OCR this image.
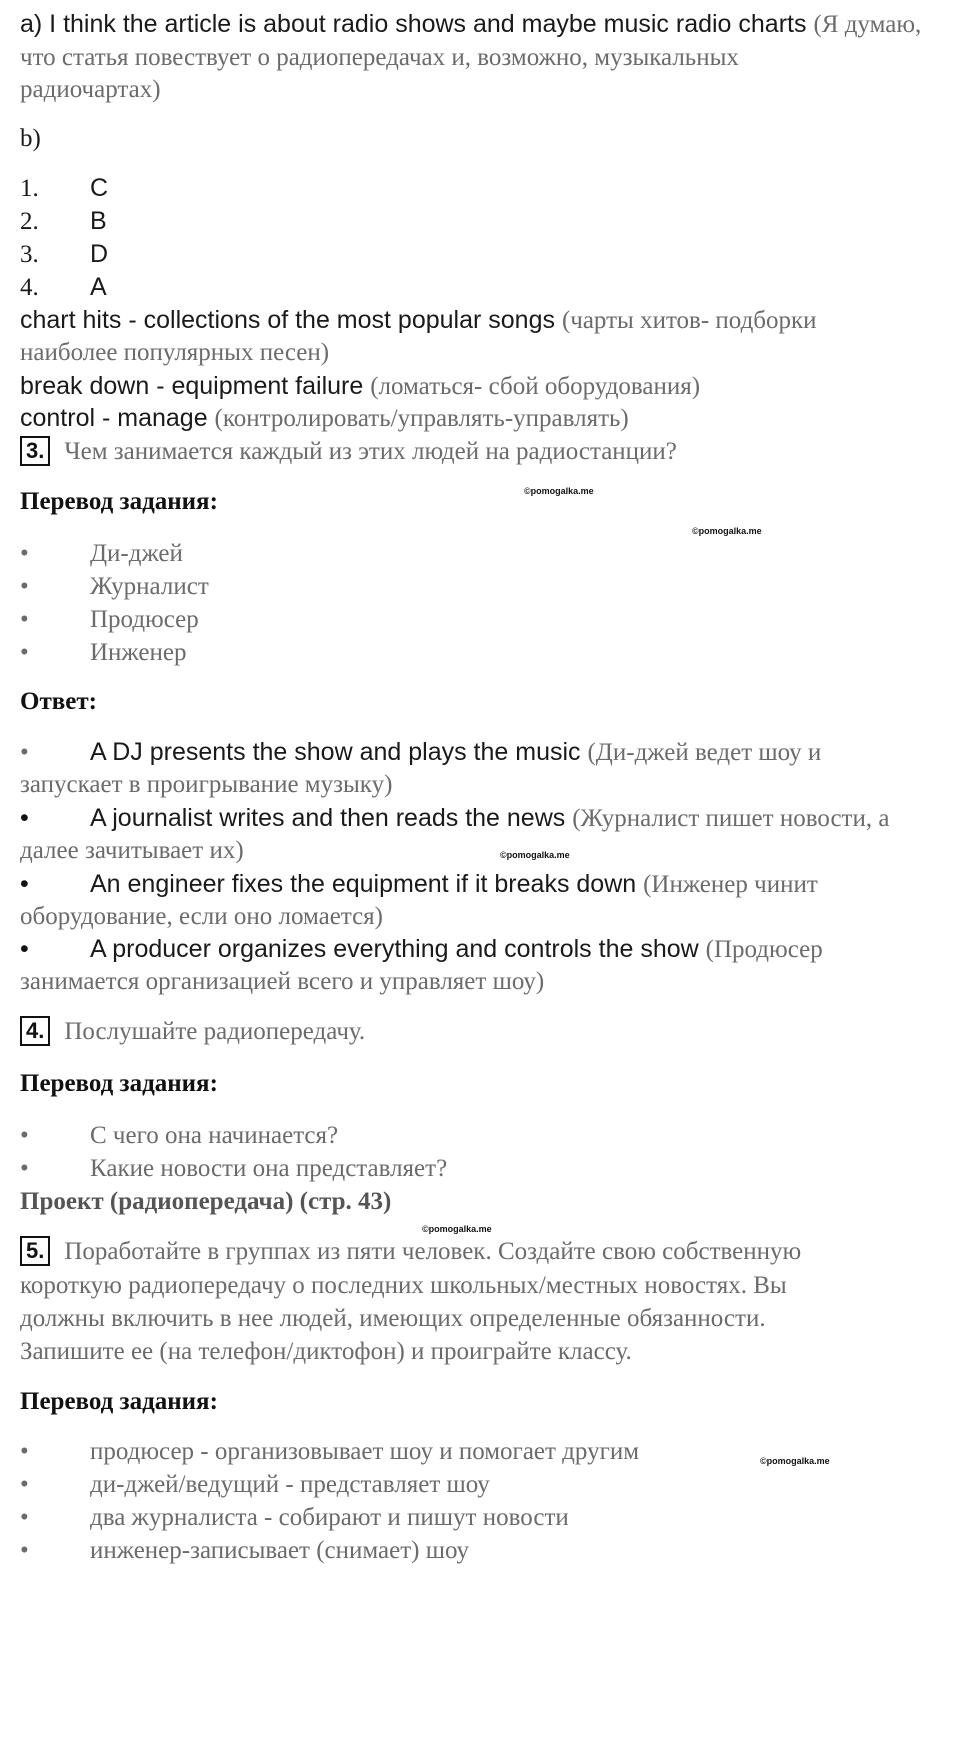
a) I think the article is about radio shows and maybe music radio charts (Я думаю,
что статья повествует о радиопередачах и, возможно, музыкальных
радиочартах)
b)
1. C
2. B
3. D
4. A
chart hits - collections of the most popular songs (чарты хитов- подборки
наиболее популярных песен)
break down - equipment failure (ломаться- сбой оборудования)
control - manage (контролировать/управлять-управлять)
3. Чем занимается каждый из этих людей на радиостанции?
©pomogalka.me
Перевод задания:
©pomogalka.me
• Ди-джей
• Журналист
• Продюсер
• Инженер
Ответ:
• A DJ presents the show and plays the music (Ди-джей ведет шоу и
запускает в проигрывание музыку)
• A journalist writes and then reads the news (Журналист пишет новости, а
далее зачитывает их)	©pomogalka.me
• An engineer fixes the equipment if it breaks down (Инженер чинит
оборудование, если оно ломается)
• A producer organizes everything and controls the show (Продюсер
занимается организацией всего и управляет шоу)
4. Послушайте радиопередачу.
Перевод задания:
• С чего она начинается?
• Какие новости она представляет?
Проект (радиопередача) (стр. 43)
©pomogalka.me
5. Поработайте в группах из пяти человек. Создайте свою собственную
короткую радиопередачу о последних школьных/местных новостях. Вы
должны включить в нее людей, имеющих определенные обязанности.
Запишите ее (на телефон/диктофон) и проиграйте классу.
Перевод задания:
• продюсер - организовывает шоу и помогает другим	©pomogalka.me
• ди-джей/ведущий - представляет шоу
• два журналиста - собирают и пишут новости
• инженер-записывает (снимает) шоу
